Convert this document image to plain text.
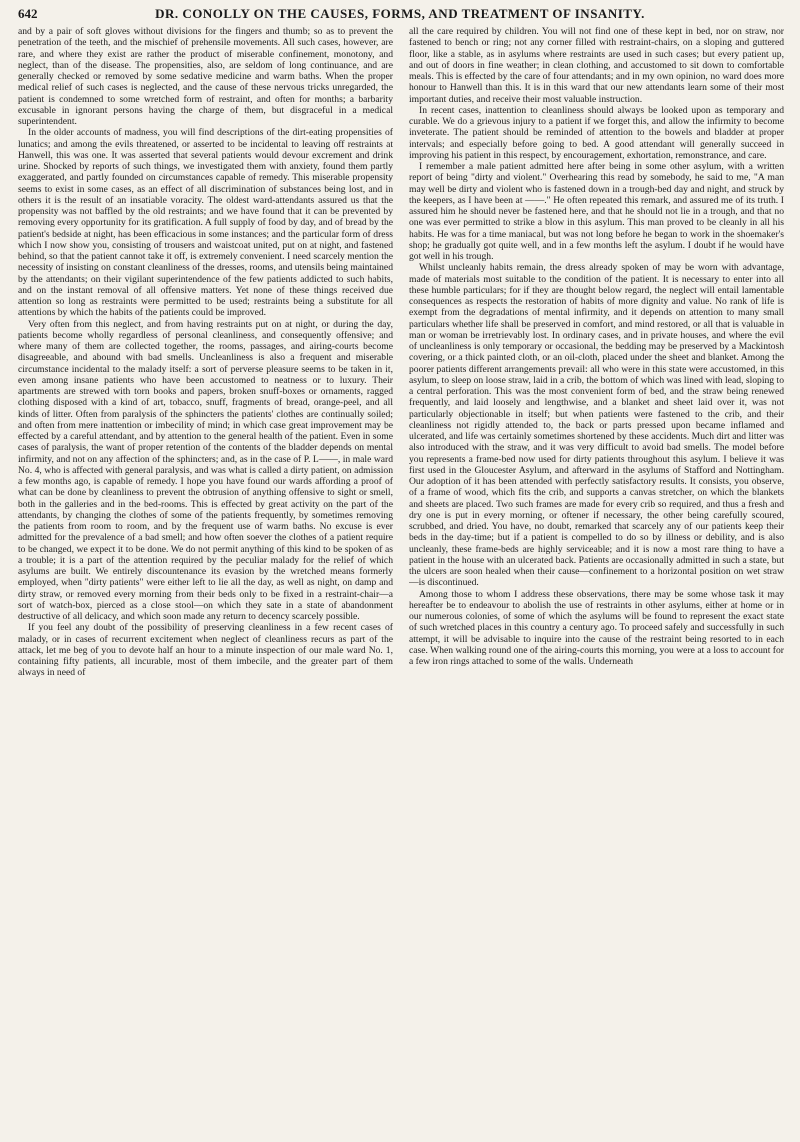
642	DR. CONOLLY ON THE CAUSES, FORMS, AND TREATMENT OF INSANITY.

and by a pair of soft gloves without divisions for the fingers and thumb; so as to prevent the penetration of the teeth, and the mischief of prehensile movements. All such cases, however, are rare, and where they exist are rather the product of miserable confinement, monotony, and neglect, than of the disease. The propensities, also, are seldom of long continuance, and are generally checked or removed by some sedative medicine and warm baths. When the proper medical relief of such cases is neglected, and the cause of these nervous tricks unregarded, the patient is condemned to some wretched form of restraint, and often for months; a barbarity excusable in ignorant persons having the charge of them, but disgraceful in a medical superintendent.

In the older accounts of madness, you will find descriptions of the dirt-eating propensities of lunatics; and among the evils threatened, or asserted to be incidental to leaving off restraints at Hanwell, this was one. It was asserted that several patients would devour excrement and drink urine. Shocked by reports of such things, we investigated them with anxiety, found them partly exaggerated, and partly founded on circumstances capable of remedy. This miserable propensity seems to exist in some cases, as an effect of all discrimination of substances being lost, and in others it is the result of an insatiable voracity. The oldest ward-attendants assured us that the propensity was not baffled by the old restraints; and we have found that it can be prevented by removing every opportunity for its gratification. A full supply of food by day, and of bread by the patient's bedside at night, has been efficacious in some instances; and the particular form of dress which I now show you, consisting of trousers and waistcoat united, put on at night, and fastened behind, so that the patient cannot take it off, is extremely convenient. I need scarcely mention the necessity of insisting on constant cleanliness of the dresses, rooms, and utensils being maintained by the attendants; on their vigilant superintendence of the few patients addicted to such habits, and on the instant removal of all offensive matters. Yet none of these things received due attention so long as restraints were permitted to be used; restraints being a substitute for all attentions by which the habits of the patients could be improved.

Very often from this neglect, and from having restraints put on at night, or during the day, patients become wholly regardless of personal cleanliness, and consequently offensive; and where many of them are collected together, the rooms, passages, and airing-courts become disagreeable, and abound with bad smells. Uncleanliness is also a frequent and miserable circumstance incidental to the malady itself: a sort of perverse pleasure seems to be taken in it, even among insane patients who have been accustomed to neatness or to luxury. Their apartments are strewed with torn books and papers, broken snuff-boxes or ornaments, ragged clothing disposed with a kind of art, tobacco, snuff, fragments of bread, orange-peel, and all kinds of litter. Often from paralysis of the sphincters the patients' clothes are continually soiled; and often from mere inattention or imbecility of mind; in which case great improvement may be effected by a careful attendant, and by attention to the general health of the patient. Even in some cases of paralysis, the want of proper retention of the contents of the bladder depends on mental infirmity, and not on any affection of the sphincters; and, as in the case of P. L——, in male ward No. 4, who is affected with general paralysis, and was what is called a dirty patient, on admission a few months ago, is capable of remedy. I hope you have found our wards affording a proof of what can be done by cleanliness to prevent the obtrusion of anything offensive to sight or smell, both in the galleries and in the bed-rooms. This is effected by great activity on the part of the attendants, by changing the clothes of some of the patients frequently, by sometimes removing the patients from room to room, and by the frequent use of warm baths. No excuse is ever admitted for the prevalence of a bad smell; and how often soever the clothes of a patient require to be changed, we expect it to be done. We do not permit anything of this kind to be spoken of as a trouble; it is a part of the attention required by the peculiar malady for the relief of which asylums are built. We entirely discountenance its evasion by the wretched means formerly employed, when "dirty patients" were either left to lie all the day, as well as night, on damp and dirty straw, or removed every morning from their beds only to be fixed in a restraint-chair—a sort of watch-box, pierced as a close stool—on which they sate in a state of abandonment destructive of all delicacy, and which soon made any return to decency scarcely possible.

If you feel any doubt of the possibility of preserving cleanliness in a few recent cases of malady, or in cases of recurrent excitement when neglect of cleanliness recurs as part of the attack, let me beg of you to devote half an hour to a minute inspection of our male ward No. 1, containing fifty patients, all incurable, most of them imbecile, and the greater part of them always in need of

all the care required by children. You will not find one of these kept in bed, nor on straw, nor fastened to bench or ring; not any corner filled with restraint-chairs, on a sloping and guttered floor, like a stable, as in asylums where restraints are used in such cases; but every patient up, and out of doors in fine weather; in clean clothing, and accustomed to sit down to comfortable meals. This is effected by the care of four attendants; and in my own opinion, no ward does more honour to Hanwell than this. It is in this ward that our new attendants learn some of their most important duties, and receive their most valuable instruction.

In recent cases, inattention to cleanliness should always be looked upon as temporary and curable. We do a grievous injury to a patient if we forget this, and allow the infirmity to become inveterate. The patient should be reminded of attention to the bowels and bladder at proper intervals; and especially before going to bed. A good attendant will generally succeed in improving his patient in this respect, by encouragement, exhortation, remonstrance, and care.

I remember a male patient admitted here after being in some other asylum, with a written report of being "dirty and violent." Overhearing this read by somebody, he said to me, "A man may well be dirty and violent who is fastened down in a trough-bed day and night, and struck by the keepers, as I have been at ——." He often repeated this remark, and assured me of its truth. I assured him he should never be fastened here, and that he should not lie in a trough, and that no one was ever permitted to strike a blow in this asylum. This man proved to be cleanly in all his habits. He was for a time maniacal, but was not long before he began to work in the shoemaker's shop; he gradually got quite well, and in a few months left the asylum. I doubt if he would have got well in his trough.

Whilst uncleanly habits remain, the dress already spoken of may be worn with advantage, made of materials most suitable to the condition of the patient. It is necessary to enter into all these humble particulars; for if they are thought below regard, the neglect will entail lamentable consequences as respects the restoration of habits of more dignity and value. No rank of life is exempt from the degradations of mental infirmity, and it depends on attention to many small particulars whether life shall be preserved in comfort, and mind restored, or all that is valuable in man or woman be irretrievably lost. In ordinary cases, and in private houses, and where the evil of uncleanliness is only temporary or occasional, the bedding may be preserved by a Mackintosh covering, or a thick painted cloth, or an oil-cloth, placed under the sheet and blanket. Among the poorer patients different arrangements prevail: all who were in this state were accustomed, in this asylum, to sleep on loose straw, laid in a crib, the bottom of which was lined with lead, sloping to a central perforation. This was the most convenient form of bed, and the straw being renewed frequently, and laid loosely and lengthwise, and a blanket and sheet laid over it, was not particularly objectionable in itself; but when patients were fastened to the crib, and their cleanliness not rigidly attended to, the back or parts pressed upon became inflamed and ulcerated, and life was certainly sometimes shortened by these accidents. Much dirt and litter was also introduced with the straw, and it was very difficult to avoid bad smells. The model before you represents a frame-bed now used for dirty patients throughout this asylum. I believe it was first used in the Gloucester Asylum, and afterward in the asylums of Stafford and Nottingham. Our adoption of it has been attended with perfectly satisfactory results. It consists, you observe, of a frame of wood, which fits the crib, and supports a canvas stretcher, on which the blankets and sheets are placed. Two such frames are made for every crib so required, and thus a fresh and dry one is put in every morning, or oftener if necessary, the other being carefully scoured, scrubbed, and dried. You have, no doubt, remarked that scarcely any of our patients keep their beds in the day-time; but if a patient is compelled to do so by illness or debility, and is also uncleanly, these frame-beds are highly serviceable; and it is now a most rare thing to have a patient in the house with an ulcerated back. Patients are occasionally admitted in such a state, but the ulcers are soon healed when their cause—confinement to a horizontal position on wet straw—is discontinued.

Among those to whom I address these observations, there may be some whose task it may hereafter be to endeavour to abolish the use of restraints in other asylums, either at home or in our numerous colonies, of some of which the asylums will be found to represent the exact state of such wretched places in this country a century ago. To proceed safely and successfully in such attempt, it will be advisable to inquire into the cause of the restraint being resorted to in each case. When walking round one of the airing-courts this morning, you were at a loss to account for a few iron rings attached to some of the walls. Underneath
